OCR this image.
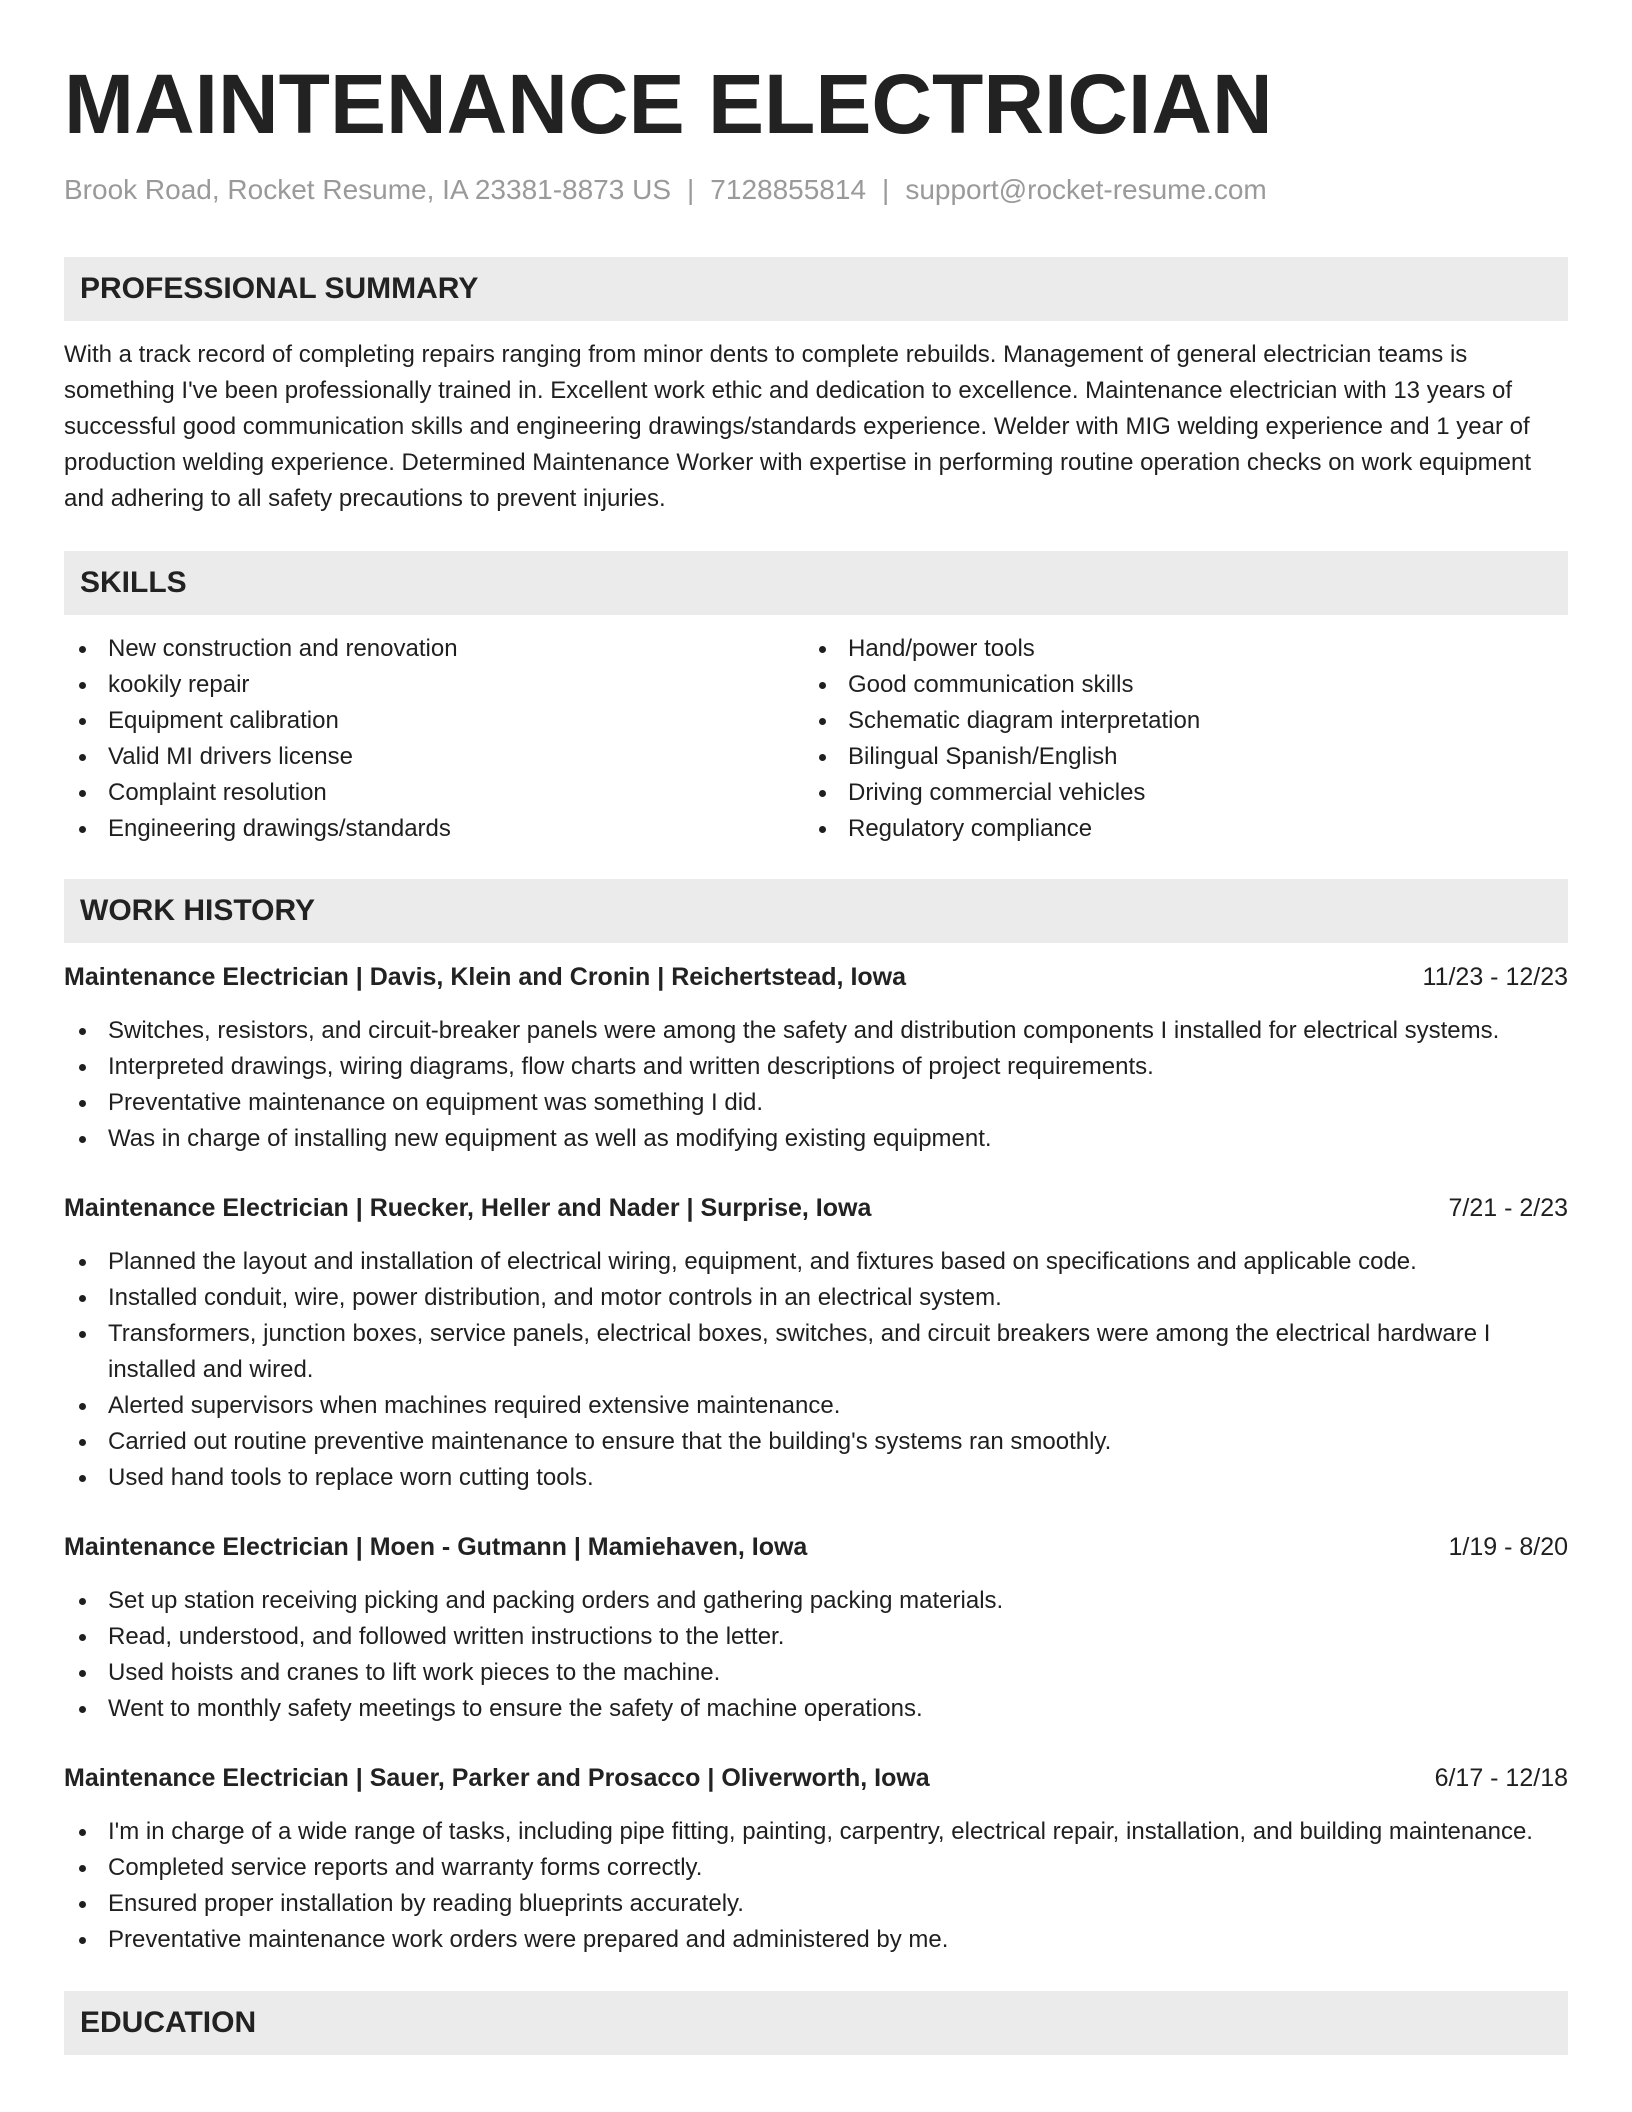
MAINTENANCE ELECTRICIAN
Brook Road, Rocket Resume, IA 23381-8873 US | 7128855814 | support@rocket-resume.com
PROFESSIONAL SUMMARY

With a track record of completing repairs ranging from minor dents to complete rebuilds. Management of general electrician teams is something I've been professionally trained in. Excellent work ethic and dedication to excellence. Maintenance electrician with 13 years of successful good communication skills and engineering drawings/standards experience. Welder with MIG welding experience and 1 year of production welding experience. Determined Maintenance Worker with expertise in performing routine operation checks on work equipment and adhering to all safety precautions to prevent injuries.

SKILLS
New construction and renovation
kookily repair
Equipment calibration
Valid MI drivers license
Complaint resolution
Engineering drawings/standards
Hand/power tools
Good communication skills
Schematic diagram interpretation
Bilingual Spanish/English
Driving commercial vehicles
Regulatory compliance
WORK HISTORY
Maintenance Electrician | Davis, Klein and Cronin | Reichertstead, Iowa	11/23 - 12/23
Switches, resistors, and circuit-breaker panels were among the safety and distribution components I installed for electrical systems.
Interpreted drawings, wiring diagrams, flow charts and written descriptions of project requirements.
Preventative maintenance on equipment was something I did.
Was in charge of installing new equipment as well as modifying existing equipment.
Maintenance Electrician | Ruecker, Heller and Nader | Surprise, Iowa	7/21 - 2/23
Planned the layout and installation of electrical wiring, equipment, and fixtures based on specifications and applicable code.
Installed conduit, wire, power distribution, and motor controls in an electrical system.
Transformers, junction boxes, service panels, electrical boxes, switches, and circuit breakers were among the electrical hardware I installed and wired.
Alerted supervisors when machines required extensive maintenance.
Carried out routine preventive maintenance to ensure that the building's systems ran smoothly.
Used hand tools to replace worn cutting tools.
Maintenance Electrician | Moen - Gutmann | Mamiehaven, Iowa	1/19 - 8/20
Set up station receiving picking and packing orders and gathering packing materials.
Read, understood, and followed written instructions to the letter.
Used hoists and cranes to lift work pieces to the machine.
Went to monthly safety meetings to ensure the safety of machine operations.
Maintenance Electrician | Sauer, Parker and Prosacco | Oliverworth, Iowa	6/17 - 12/18
I'm in charge of a wide range of tasks, including pipe fitting, painting, carpentry, electrical repair, installation, and building maintenance.
Completed service reports and warranty forms correctly.
Ensured proper installation by reading blueprints accurately.
Preventative maintenance work orders were prepared and administered by me.
EDUCATION
